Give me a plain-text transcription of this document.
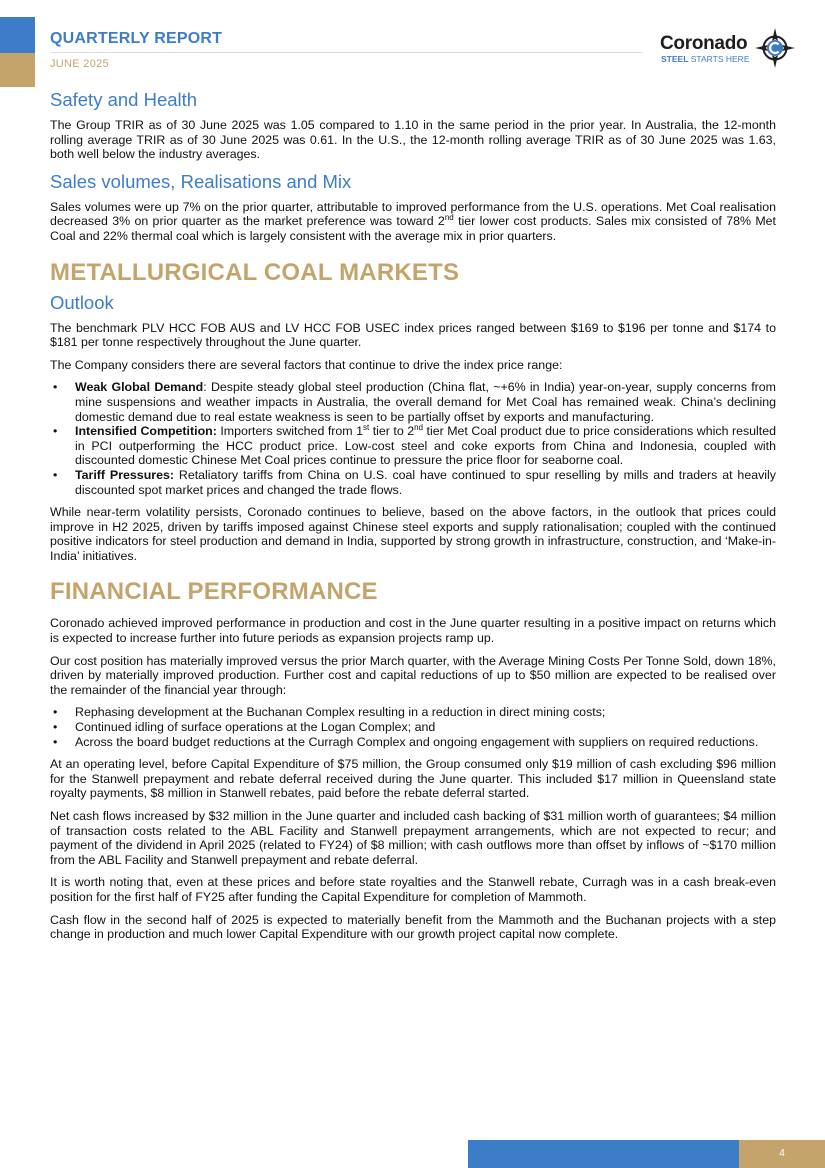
QUARTERLY REPORT
JUNE 2025
Coronado
STEEL STARTS HERE
Safety and Health

The Group TRIR as of 30 June 2025 was 1.05 compared to 1.10 in the same period in the prior year. In Australia, the 12-month rolling average TRIR as of 30 June 2025 was 0.61. In the U.S., the 12-month rolling average TRIR as of 30 June 2025 was 1.63, both well below the industry averages.

Sales volumes, Realisations and Mix

Sales volumes were up 7% on the prior quarter, attributable to improved performance from the U.S. operations. Met Coal realisation decreased 3% on prior quarter as the market preference was toward 2nd tier lower cost products. Sales mix consisted of 78% Met Coal and 22% thermal coal which is largely consistent with the average mix in prior quarters.

METALLURGICAL COAL MARKETS
Outlook

The benchmark PLV HCC FOB AUS and LV HCC FOB USEC index prices ranged between $169 to $196 per tonne and $174 to $181 per tonne respectively throughout the June quarter.

The Company considers there are several factors that continue to drive the index price range:

• Weak Global Demand: Despite steady global steel production (China flat, ~+6% in India) year-on-year, supply concerns from mine suspensions and weather impacts in Australia, the overall demand for Met Coal has remained weak. China’s declining domestic demand due to real estate weakness is seen to be partially offset by exports and manufacturing.
• Intensified Competition: Importers switched from 1st tier to 2nd tier Met Coal product due to price considerations which resulted in PCI outperforming the HCC product price. Low-cost steel and coke exports from China and Indonesia, coupled with discounted domestic Chinese Met Coal prices continue to pressure the price floor for seaborne coal.
• Tariff Pressures: Retaliatory tariffs from China on U.S. coal have continued to spur reselling by mills and traders at heavily discounted spot market prices and changed the trade flows.

While near-term volatility persists, Coronado continues to believe, based on the above factors, in the outlook that prices could improve in H2 2025, driven by tariffs imposed against Chinese steel exports and supply rationalisation; coupled with the continued positive indicators for steel production and demand in India, supported by strong growth in infrastructure, construction, and ‘Make-in-India’ initiatives.

FINANCIAL PERFORMANCE

Coronado achieved improved performance in production and cost in the June quarter resulting in a positive impact on returns which is expected to increase further into future periods as expansion projects ramp up.

Our cost position has materially improved versus the prior March quarter, with the Average Mining Costs Per Tonne Sold, down 18%, driven by materially improved production. Further cost and capital reductions of up to $50 million are expected to be realised over the remainder of the financial year through:

• Rephasing development at the Buchanan Complex resulting in a reduction in direct mining costs;
• Continued idling of surface operations at the Logan Complex; and
• Across the board budget reductions at the Curragh Complex and ongoing engagement with suppliers on required reductions.

At an operating level, before Capital Expenditure of $75 million, the Group consumed only $19 million of cash excluding $96 million for the Stanwell prepayment and rebate deferral received during the June quarter. This included $17 million in Queensland state royalty payments, $8 million in Stanwell rebates, paid before the rebate deferral started.

Net cash flows increased by $32 million in the June quarter and included cash backing of $31 million worth of guarantees; $4 million of transaction costs related to the ABL Facility and Stanwell prepayment arrangements, which are not expected to recur; and payment of the dividend in April 2025 (related to FY24) of $8 million; with cash outflows more than offset by inflows of ~$170 million from the ABL Facility and Stanwell prepayment and rebate deferral.

It is worth noting that, even at these prices and before state royalties and the Stanwell rebate, Curragh was in a cash break-even position for the first half of FY25 after funding the Capital Expenditure for completion of Mammoth.

Cash flow in the second half of 2025 is expected to materially benefit from the Mammoth and the Buchanan projects with a step change in production and much lower Capital Expenditure with our growth project capital now complete.

4
